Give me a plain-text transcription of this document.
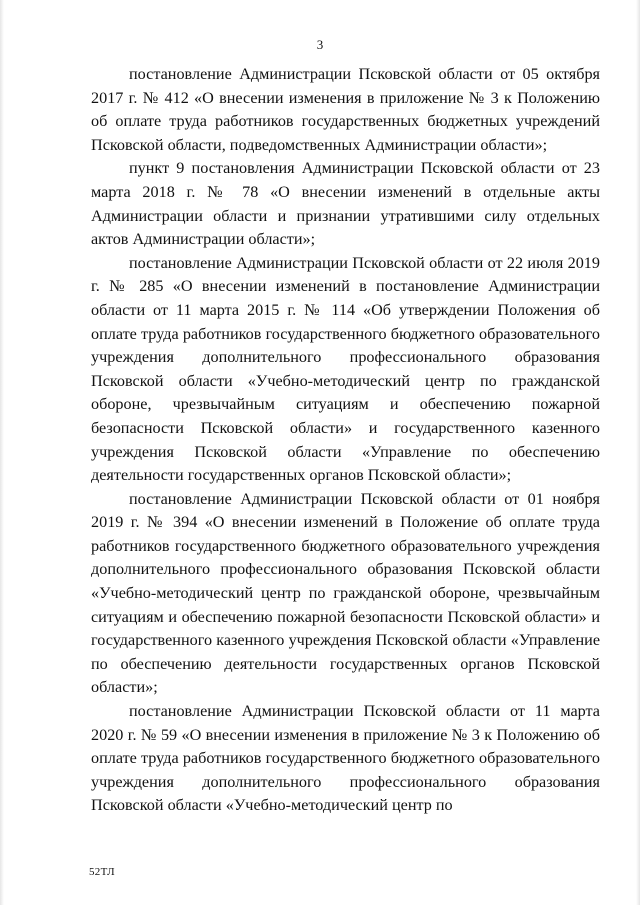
3

постановление Администрации Псковской области от 05 октября 2017 г. № 412 «О внесении изменения в приложение № 3 к Положению об оплате труда работников государственных бюджетных учреждений Псковской области, подведомственных Администрации области»;

пункт 9 постановления Администрации Псковской области от 23 марта 2018 г. № 78 «О внесении изменений в отдельные акты Администрации области и признании утратившими силу отдельных актов Администрации области»;

постановление Администрации Псковской области от 22 июля 2019 г. № 285 «О внесении изменений в постановление Администрации области от 11 марта 2015 г. № 114 «Об утверждении Положения об оплате труда работников государственного бюджетного образовательного учреждения дополнительного профессионального образования Псковской области «Учебно-методический центр по гражданской обороне, чрезвычайным ситуациям и обеспечению пожарной безопасности Псковской области» и государственного казенного учреждения Псковской области «Управление по обеспечению деятельности государственных органов Псковской области»;

постановление Администрации Псковской области от 01 ноября 2019 г. № 394 «О внесении изменений в Положение об оплате труда работников государственного бюджетного образовательного учреждения дополнительного профессионального образования Псковской области «Учебно-методический центр по гражданской обороне, чрезвычайным ситуациям и обеспечению пожарной безопасности Псковской области» и государственного казенного учреждения Псковской области «Управление по обеспечению деятельности государственных органов Псковской области»;

постановление Администрации Псковской области от 11 марта 2020 г. № 59 «О внесении изменения в приложение № 3 к Положению об оплате труда работников государственного бюджетного образовательного учреждения дополнительного профессионального образования Псковской области «Учебно-методический центр по

52ТЛ
